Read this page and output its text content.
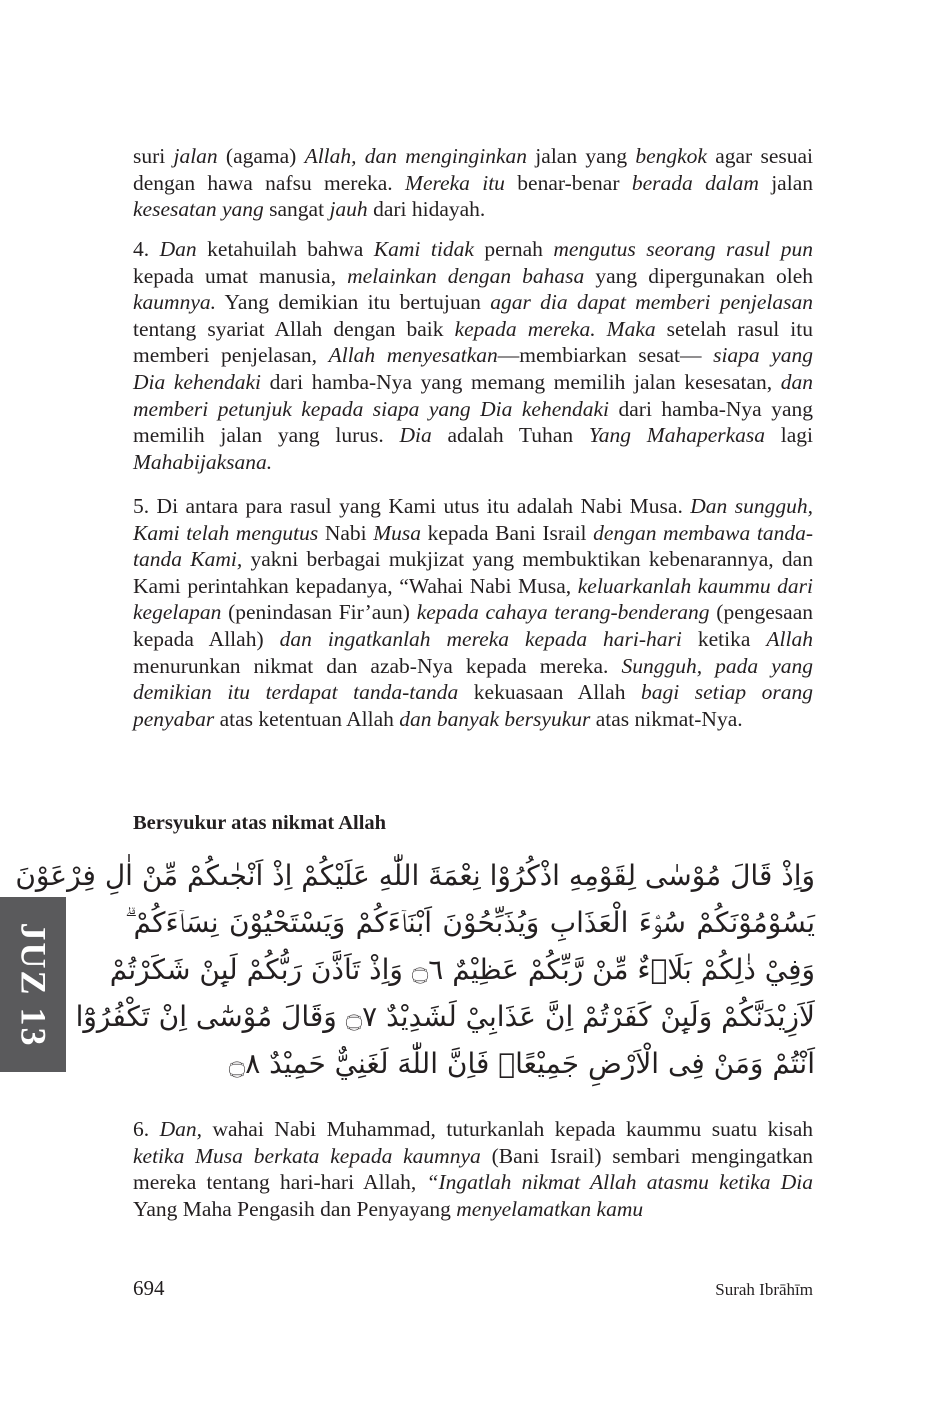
suri jalan (agama) Allah, dan menginginkan jalan yang bengkok agar sesuai dengan hawa nafsu mereka. Mereka itu benar-benar berada dalam jalan kesesatan yang sangat jauh dari hidayah.

4. Dan ketahuilah bahwa Kami tidak pernah mengutus seorang rasul pun kepada umat manusia, melainkan dengan bahasa yang dipergunakan oleh kaumnya. Yang demikian itu bertujuan agar dia dapat memberi penjelasan tentang syariat Allah dengan baik kepada mereka. Maka setelah rasul itu memberi penjelasan, Allah menyesatkan—membiarkan sesat— siapa yang Dia kehendaki dari hamba-Nya yang memang memilih jalan kesesatan, dan memberi petunjuk kepada siapa yang Dia kehendaki dari hamba-Nya yang memilih jalan yang lurus. Dia adalah Tuhan Yang Mahaperkasa lagi Mahabijaksana.

5. Di antara para rasul yang Kami utus itu adalah Nabi Musa. Dan sungguh, Kami telah mengutus Nabi Musa kepada Bani Israil dengan membawa tanda-tanda Kami, yakni berbagai mukjizat yang membuktikan kebenarannya, dan Kami perintahkan kepadanya, “Wahai Nabi Musa, keluarkanlah kaummu dari kegelapan (penindasan Fir’aun) kepada cahaya terang-benderang (pengesaan kepada Allah) dan ingatkanlah mereka kepada hari-hari ketika Allah menurunkan nikmat dan azab-Nya kepada mereka. Sungguh, pada yang demikian itu terdapat tanda-tanda kekuasaan Allah bagi setiap orang penyabar atas ketentuan Allah dan banyak bersyukur atas nikmat-Nya.

Bersyukur atas nikmat Allah
وَاِذْ قَالَ مُوْسٰى لِقَوْمِهِ اذْكُرُوْا نِعْمَةَ اللّٰهِ عَلَيْكُمْ اِذْ اَنْجٰىكُمْ مِّنْ اٰلِ فِرْعَوْنَ
يَسُوْمُوْنَكُمْ سُوْۤءَ الْعَذَابِ وَيُذَبِّحُوْنَ اَبْنَاۤءَكُمْ وَيَسْتَحْيُوْنَ نِسَاۤءَكُمْ ۗ
وَفِيْ ذٰلِكُمْ بَلَاۤءٌ مِّنْ رَّبِّكُمْ عَظِيْمٌ ۝٦ وَاِذْ تَاَذَّنَ رَبُّكُمْ لَىِٕنْ شَكَرْتُمْ
لَاَزِيْدَنَّكُمْ وَلَىِٕنْ كَفَرْتُمْ اِنَّ عَذَابِيْ لَشَدِيْدٌ ۝٧ وَقَالَ مُوْسٰٓى اِنْ تَكْفُرُوْٓا
اَنْتُمْ وَمَنْ فِى الْاَرْضِ جَمِيْعًاۙ فَاِنَّ اللّٰهَ لَغَنِيٌّ حَمِيْدٌ ۝٨

6. Dan, wahai Nabi Muhammad, tuturkanlah kepada kaummu suatu kisah ketika Musa berkata kepada kaumnya (Bani Israil) sembari mengingatkan mereka tentang hari-hari Allah, “Ingatlah nikmat Allah atasmu ketika Dia Yang Maha Pengasih dan Penyayang menyelamatkan kamu

JUZ 13
694	Surah Ibrāhīm
